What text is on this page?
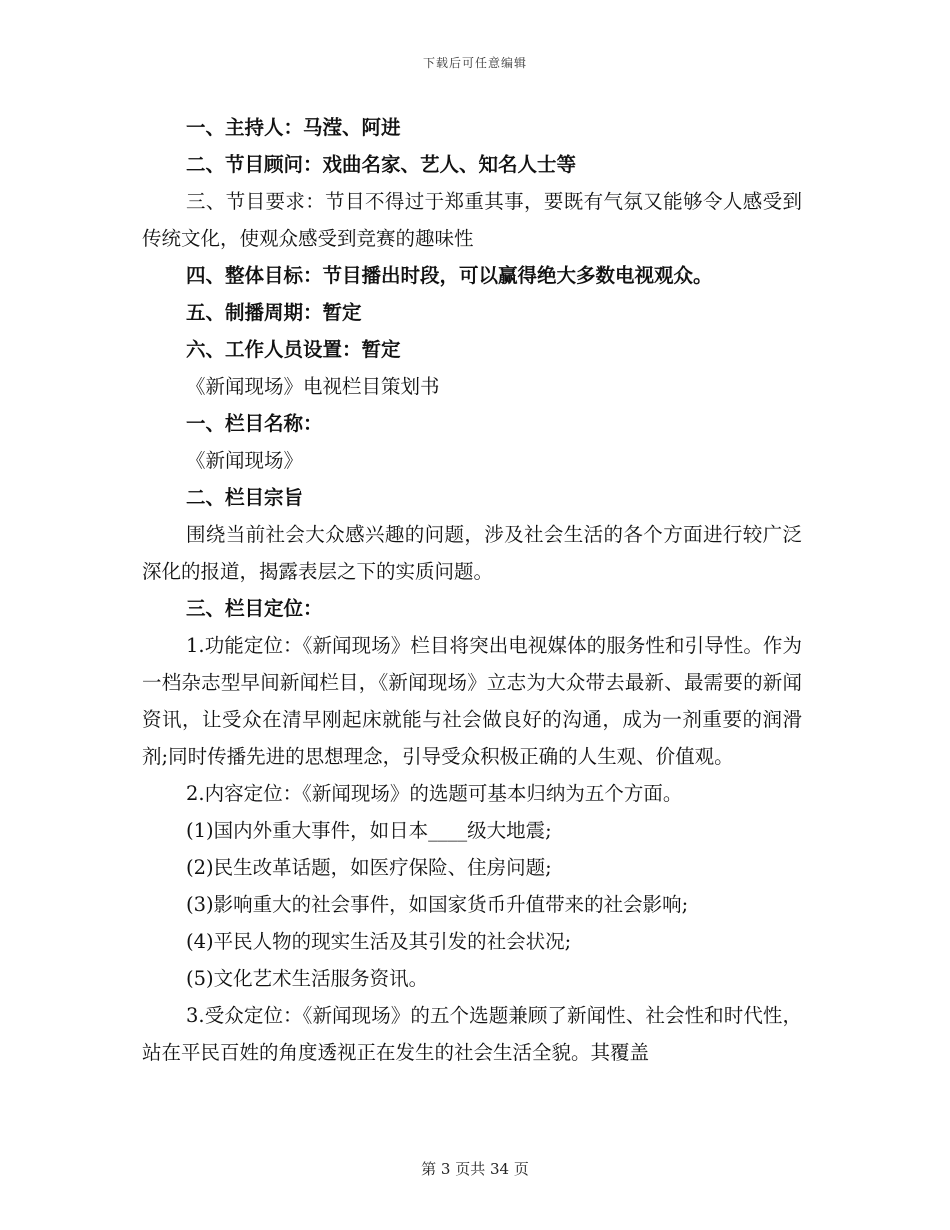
下载后可任意编辑

一、主持人：马滢、阿进

二、节目顾问：戏曲名家、艺人、知名人士等

三、节目要求：节目不得过于郑重其事，要既有气氛又能够令人感受到传统文化，使观众感受到竞赛的趣味性

四、整体目标：节目播出时段，可以赢得绝大多数电视观众。

五、制播周期：暂定

六、工作人员设置：暂定

《新闻现场》电视栏目策划书

一、栏目名称：

《新闻现场》

二、栏目宗旨

围绕当前社会大众感兴趣的问题，涉及社会生活的各个方面进行较广泛深化的报道，揭露表层之下的实质问题。

三、栏目定位：

1.功能定位：《新闻现场》栏目将突出电视媒体的服务性和引导性。作为一档杂志型早间新闻栏目，《新闻现场》立志为大众带去最新、最需要的新闻资讯，让受众在清早刚起床就能与社会做良好的沟通，成为一剂重要的润滑剂;同时传播先进的思想理念，引导受众积极正确的人生观、价值观。

2.内容定位：《新闻现场》的选题可基本归纳为五个方面。

(1)国内外重大事件，如日本____级大地震;

(2)民生改革话题，如医疗保险、住房问题;

(3)影响重大的社会事件，如国家货币升值带来的社会影响;

(4)平民人物的现实生活及其引发的社会状况;

(5)文化艺术生活服务资讯。

3.受众定位：《新闻现场》的五个选题兼顾了新闻性、社会性和时代性，站在平民百姓的角度透视正在发生的社会生活全貌。其覆盖

第 3 页共 34 页
